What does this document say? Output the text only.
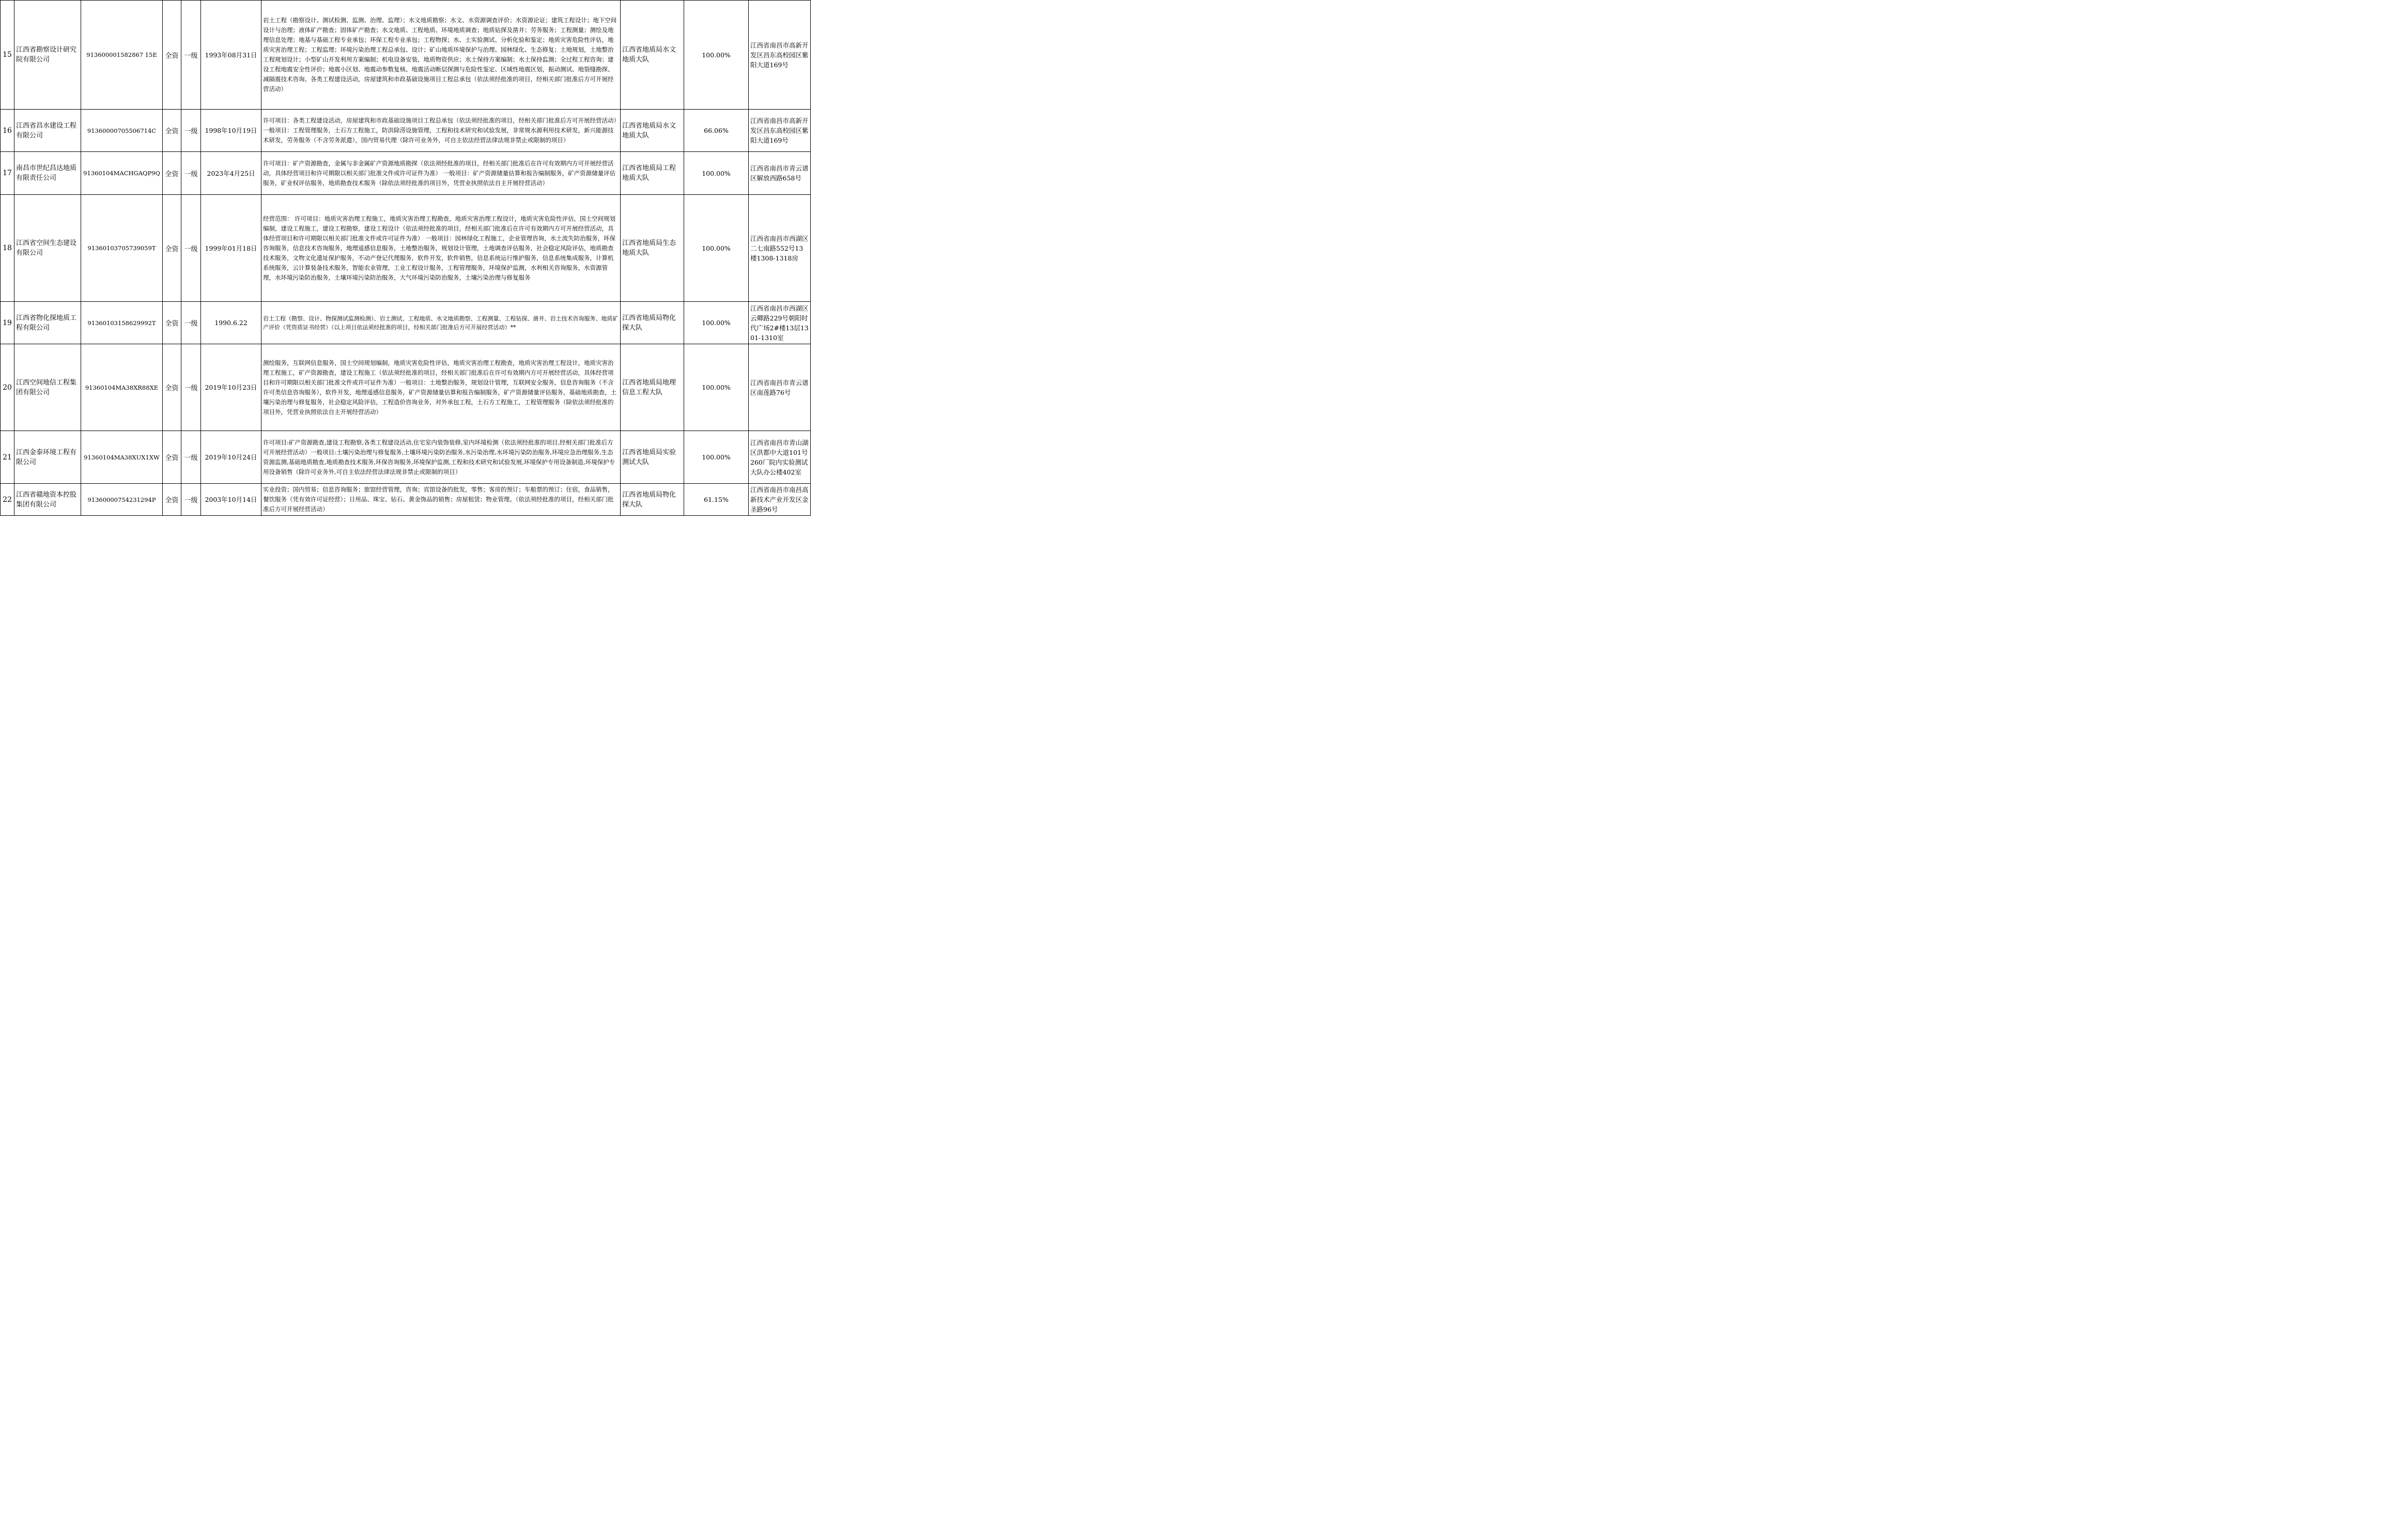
15	江西省勘察设计研究院有限公司	913600001582867 15E	全资	一级	1993年08月31日	岩土工程（勘察设计、测试检测、监测、治理、监理）；水文地质勘察；水文、水资源调查评价；水资源论证；建筑工程设计；地下空间设计与治理；液体矿产勘查；固体矿产勘查；水文地质、工程地质、环境地质调查；地质钻探及凿井；劳务服务；工程测量；测绘及地理信息处理；地基与基础工程专业承包；环保工程专业承包；工程物探；水、土实验测试、分析化验和鉴定；地质灾害危险性评估，地质灾害治理工程；工程监理；环境污染治理工程总承包、设计；矿山地质环境保护与治理、园林绿化、生态修复；土地规划，土地整治工程规划设计；小型矿山开发利用方案编制；机电设备安装，地质物资供应；水土保持方案编制；水土保持监测；全过程工程咨询；建设工程地震安全性评价；地震小区划、地震动参数复核、地震活动断层探测与危险性鉴定、区域性地震区划，振动测试、地裂缝勘探、减隔震技术咨询。各类工程建设活动，房屋建筑和市政基础设施项目工程总承包（依法须经批准的项目，经相关部门批准后方可开展经营活动）	江西省地质局水文地质大队	100.00%	江西省南昌市高新开发区昌东高校园区紫阳大道169号
16	江西省昌水建设工程有限公司	91360000705506714C	全资	一级	1998年10月19日	许可项目：各类工程建设活动，房屋建筑和市政基础设施项目工程总承包（依法须经批准的项目，经相关部门批准后方可开展经营活动）一般项目：工程管理服务，土石方工程施工，防洪除涝设施管理，工程和技术研究和试验发展，非常规水源利用技术研发，新兴能源技术研发，劳务服务（不含劳务派遣），国内贸易代理（除许可业务外，可自主依法经营法律法规非禁止或限制的项目）	江西省地质局水文地质大队	66.06%	江西省南昌市高新开发区昌东高校园区紫阳大道169号
17	南昌市世纪昌达地质有限责任公司	91360104MACHGAQP9Q	全资	一级	2023年4月25日	许可项目：矿产资源勘查，金属与非金属矿产资源地质勘探（依法须经批准的项目，经相关部门批准后在许可有效期内方可开展经营活动，具体经营项目和许可期限以相关部门批准文件或许可证件为准） 一般项目：矿产资源储量估算和报告编制服务，矿产资源储量评估服务，矿业权评估服务，地质勘查技术服务（除依法须经批准的项目外，凭营业执照依法自主开展经营活动）	江西省地质局工程地质大队	100.00%	江西省南昌市青云谱区解放西路658号
18	江西省空间生态建设有限公司	91360103705739059T	全资	一级	1999年01月18日	经营范围： 许可项目：地质灾害治理工程施工，地质灾害治理工程勘查，地质灾害治理工程设计，地质灾害危险性评估，国土空间规划编制，建设工程施工，建设工程勘察，建设工程设计（依法须经批准的项目，经相关部门批准后在许可有效期内方可开展经营活动，具体经营项目和许可期限以相关部门批准文件或许可证件为准） 一般项目：园林绿化工程施工，企业管理咨询，水土流失防治服务，环保咨询服务，信息技术咨询服务，地理遥感信息服务，土地整治服务，规划设计管理，土地调查评估服务，社会稳定风险评估，地质勘查技术服务，文物文化遗址保护服务，不动产登记代理服务，软件开发，软件销售，信息系统运行维护服务，信息系统集成服务，计算机系统服务，云计算装备技术服务，智能农业管理，工业工程设计服务，工程管理服务，环境保护监测，水利相关咨询服务，水资源管理，水环境污染防治服务，土壤环境污染防治服务，大气环境污染防治服务，土壤污染治理与修复服务	江西省地质局生态地质大队	100.00%	江西省南昌市西湖区二七南路552号13楼1308-1318房
19	江西省物化探地质工程有限公司	91360103158629992T	全资	一级	1990.6.22	岩土工程（勘察、设计、物探测试监测检测）、岩土测试、工程地质、水文地质勘察、工程测量、工程钻探、凿井、岩土技术咨询服务、地质矿产评价（凭资质证书经营）（以上项目依法须经批准的项目，经相关部门批准后方可开展经营活动）**	江西省地质局物化探大队	100.00%	江西省南昌市西湖区云卿路229号朝阳时代广场2#楼13层1301-1310室
20	江西空间地信工程集团有限公司	91360104MA38XR88XE	全资	一级	2019年10月23日	测绘服务，互联网信息服务，国土空间规划编制，地质灾害危险性评估，地质灾害治理工程勘查，地质灾害治理工程设计，地质灾害治理工程施工，矿产资源勘查，建设工程施工（依法须经批准的项目，经相关部门批准后在许可有效期内方可开展经营活动，具体经营项目和许可期限以相关部门批准文件或许可证件为准）一般项目：土地整治服务，规划设计管理，互联网安全服务，信息咨询服务（不含许可类信息咨询服务），软件开发，地理遥感信息服务，矿产资源储量估算和报告编制服务，矿产资源储量评估服务，基础地质勘查，土壤污染治理与修复服务，社会稳定风险评估，工程造价咨询业务，对外承包工程，土石方工程施工，工程管理服务（除依法须经批准的项目外，凭营业执照依法自主开展经营活动）	江西省地质局地理信息工程大队	100.00%	江西省南昌市青云谱区南莲路76号
21	江西金泰环境工程有限公司	91360104MA38XUX1XW	全资	一级	2019年10月24日	许可项目:矿产资源勘查,建设工程勘察,各类工程建设活动,住宅室内装饰装修,室内环境检测（依法须经批准的项目,经相关部门批准后方可开展经营活动）一般项目:土壤污染治理与修复服务,土壤环境污染防治服务,水污染治理,水环境污染防治服务,环境应急治理服务,生态资源监测,基础地质勘查,地质勘查技术服务,环保咨询服务,环境保护监测,工程和技术研究和试验发展,环境保护专用设备制造,环境保护专用设备销售（除许可业务外,可自主依法经营法律法规非禁止或限制的项目）	江西省地质局实验测试大队	100.00%	江西省南昌市青山湖区洪都中大道101号260厂院内实验测试大队办公楼402室
22	江西省赣地资本控股集团有限公司	91360000754231294P	全资	一级	2003年10月14日	实业投资；国内贸易；信息咨询服务；旅馆经营管理，咨询；宾馆设备的批发，零售；客房的预订；车船票的预订；住宿，食品销售，餐饮服务（凭有效许可证经营）；日用品、珠宝、钻石、黄金饰品的销售；房屋租赁；物业管理。（依法须经批准的项目，经相关部门批准后方可开展经营活动）	江西省地质局物化探大队	61.15%	江西省南昌市南昌高新技术产业开发区金圣路96号
